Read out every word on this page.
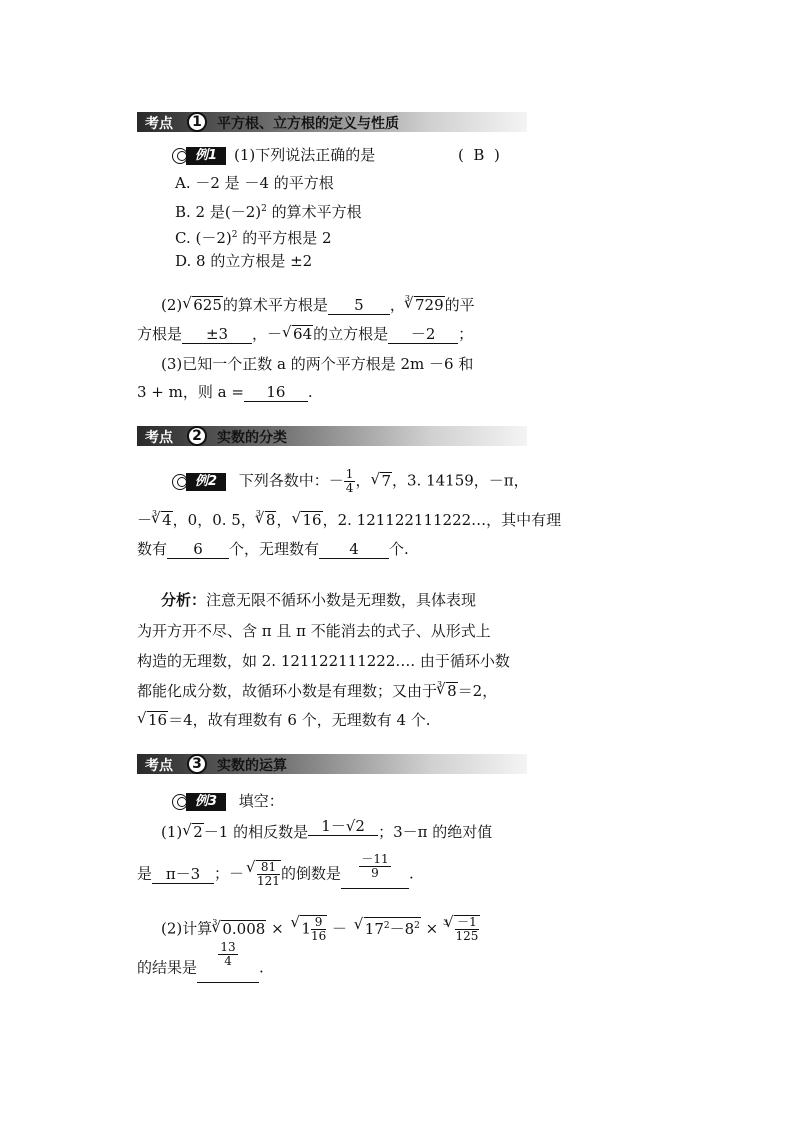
考点	1	平方根、立方根的定义与性质
例1	(1)下列说法正确的是	(  B  )
A. －2 是 －4 的平方根
B. 2 是$(-2)^2$ 的算术平方根
C. $(-2)^2$ 的平方根是 2
D. 8 的立方根是 ±2
(2) √ 625的算术平方根是 5 ，$^3$ √ 729的平
方根是 ±3 ，－ √ 64的立方根是 －2 ；
(3)已知一个正数 a 的两个平方根是 2m －6 和
3 + m，则 a = 16 .
考点	2	实数的分类
例2	下列各数中：－ $\frac{1}{4}$ ， √ 7，3. 14159，－π，
－$^3$ √ 4，0，0. 5，$^3$ √ 8， √ 16，2. 121122111222…，其中有理
数有 6 个，无理数有 4 个.
分析：注意无限不循环小数是无理数，具体表现
为开方开不尽、含 π 且 π 不能消去的式子、从形式上
构造的无理数，如 2. 121122111222…. 由于循环小数
都能化成分数，故循环小数是有理数；又由于$^3$ √ 8＝2，
√ 16＝4，故有理数有 6 个，无理数有 4 个.
考点	3	实数的运算
例3	填空：
(1) √ 2－1 的相反数是 1－√2 ；3－π 的绝对值
是 π－3 ；－ √ $\frac{81}{121}$ 的倒数是 $\frac{-11}{9}$ .
(2)计算$^3$ √ 0.008 × √ $1 \frac{9}{16}$ － √ $17^2-8^2 \times ^3$ √ $\frac{-1}{125}$
的结果是 $\frac{13}{4}$ .
